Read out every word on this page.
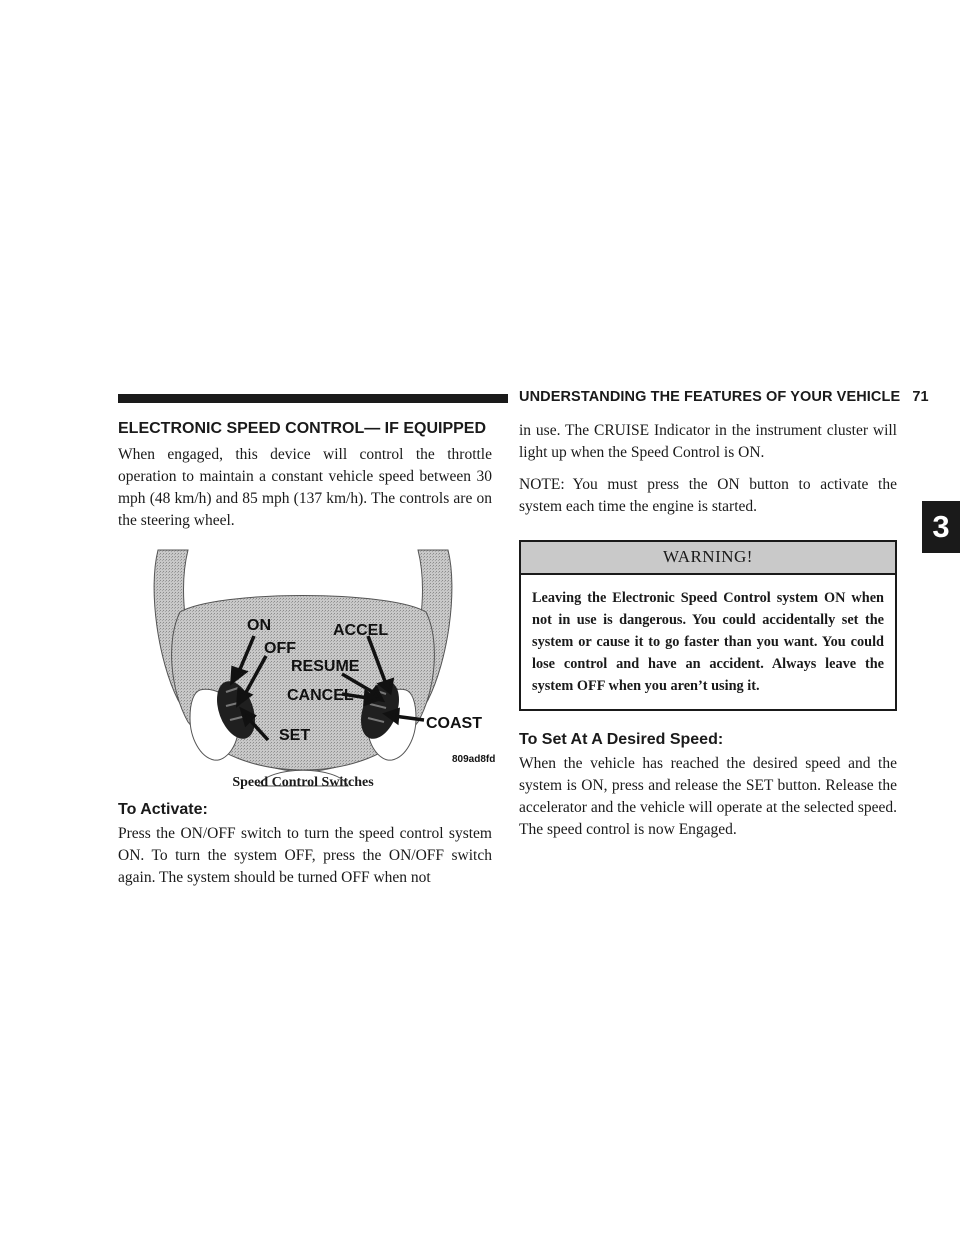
UNDERSTANDING THE FEATURES OF YOUR VEHICLE 71
3
ELECTRONIC SPEED CONTROL— IF EQUIPPED

When engaged, this device will control the throttle operation to maintain a constant vehicle speed between 30 mph (48 km/h) and 85 mph (137 km/h). The controls are on the steering wheel.

ON
OFF
ACCEL
RESUME
CANCEL
SET
COAST
809ad8fd
Speed Control Switches
To Activate:

Press the ON/OFF switch to turn the speed control system ON. To turn the system OFF, press the ON/OFF switch again. The system should be turned OFF when not

in use. The CRUISE Indicator in the instrument cluster will light up when the Speed Control is ON.

NOTE: You must press the ON button to activate the system each time the engine is started.

WARNING!
Leaving the Electronic Speed Control system ON when not in use is dangerous. You could accidentally set the system or cause it to go faster than you want. You could lose control and have an accident. Always leave the system OFF when you aren’t using it.
To Set At A Desired Speed:

When the vehicle has reached the desired speed and the system is ON, press and release the SET button. Release the accelerator and the vehicle will operate at the selected speed. The speed control is now Engaged.
